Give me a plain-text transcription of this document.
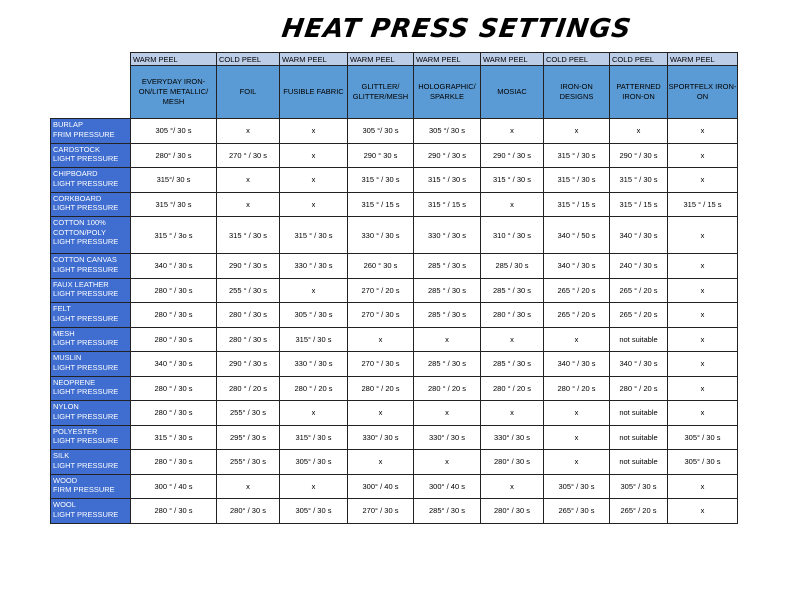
HEAT PRESS SETTINGS
	WARM PEEL	COLD PEEL	WARM PEEL	WARM PEEL	WARM PEEL	WARM PEEL	COLD PEEL	COLD PEEL	WARM PEEL
	EVERYDAY IRON-ON/LITE METALLIC/ MESH	FOIL	FUSIBLE FABRIC	GLITTLER/ GLITTER/MESH	HOLOGRAPHIC/ SPARKLE	MOSIAC	IRON-ON DESIGNS	PATTERNED IRON-ON	SPORTFELX IRON-ON

BURLAP
FRIM PRESSURE	305 °/ 30 s	x	x	305 °/ 30 s	305 °/ 30 s	x	x	x	x

CARDSTOCK
LIGHT PRESSURE	280° / 30 s	270 ° / 30 s	x	290 ° 30 s	290 ° / 30 s	290 ° / 30 s	315 ° / 30 s	290 ° / 30 s	x

CHIPBOARD
LIGHT PRESSURE	315°/ 30 s	x	x	315 ° / 30 s	315 ° / 30 s	315 ° / 30 s	315 ° / 30 s	315 ° / 30 s	x

CORKBOARD
LIGHT PRESSURE	315 °/ 30 s	x	x	315 ° / 15 s	315 ° / 15 s	x	315 ° / 15 s	315 ° / 15 s	315 ° / 15 s

COTTON 100%
COTTON/POLY
LIGHT PRESSURE	315 ° / 3o s	315 ° / 30 s	315 ° / 30 s	330 ° / 30 s	330 ° / 30 s	310 ° / 30 s	340 ° / 50 s	340 ° / 30 s	x

COTTON CANVAS
LIGHT PRESSURE	340 ° / 30 s	290 ° / 30 s	330 ° / 30 s	260 ° 30 s	285 ° / 30 s	285 / 30 s	340 ° / 30 s	240 ° / 30 s	x

FAUX LEATHER
LIGHT PRESSURE	280 ° / 30 s	255 ° / 30 s	x	270 ° / 20 s	285 ° / 30 s	285 ° / 30 s	265 ° / 20 s	265 ° / 20 s	x

FELT
LIGHT PRESSURE	280 ° / 30 s	280 ° / 30 s	305 ° / 30 s	270 ° / 30 s	285 ° / 30 s	280 ° / 30 s	265 ° / 20 s	265 ° / 20 s	x

MESH
LIGHT PRESSURE	280 ° / 30 s	280 ° / 30 s	315° / 30 s	x	x	x	x	not suitable	x

MUSLIN
LIGHT PRESSURE	340 ° / 30 s	290 ° / 30 s	330 ° / 30 s	270 ° / 30 s	285 ° / 30 s	285 ° / 30 s	340 ° / 30 s	340 ° / 30 s	x

NEOPRENE
LIGHT PRESSURE	280 ° / 30 s	280 ° / 20 s	280 ° / 20 s	280 ° / 20 s	280 ° / 20 s	280 ° / 20 s	280 ° / 20 s	280 ° / 20 s	x

NYLON
LIGHT PRESSURE	280 ° / 30 s	255° / 30 s	x	x	x	x	x	not suitable	x

POLYESTER
LIGHT PRESSURE	315 ° / 30 s	295° / 30 s	315° / 30 s	330° / 30 s	330° / 30 s	330° / 30 s	x	not suitable	305° / 30 s

SILK
LIGHT PRESSURE	280 ° / 30 s	255° / 30 s	305° / 30 s	x	x	280° / 30 s	x	not suitable	305° / 30 s

WOOD
FIRM PRESSURE	300 ° / 40 s	x	x	300° / 40 s	300° / 40 s	x	305° / 30 s	305° / 30 s	x

WOOL
LIGHT PRESSURE	280 ° / 30 s	280° / 30 s	305° / 30 s	270° / 30 s	285° / 30 s	280° / 30 s	265° / 30 s	265° / 20 s	x
